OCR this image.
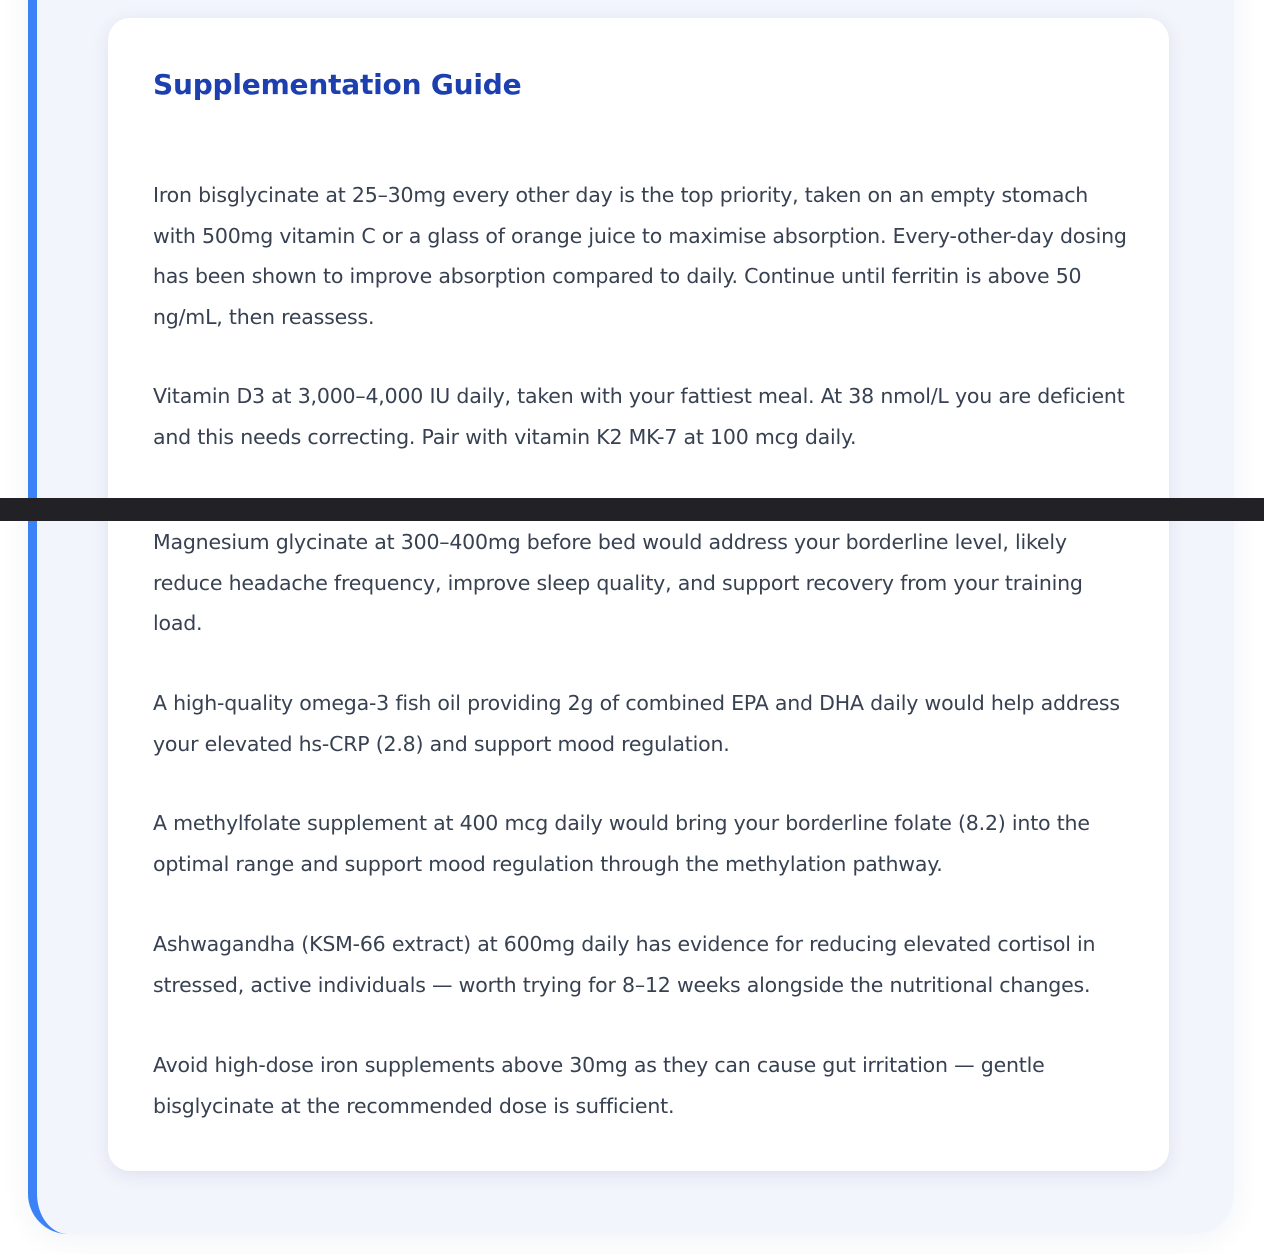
Supplementation Guide

Iron bisglycinate at 25–30mg every other day is the top priority, taken on an empty stomach with 500mg vitamin C or a glass of orange juice to maximise absorption. Every-other-day dosing has been shown to improve absorption compared to daily. Continue until ferritin is above 50 ng/mL, then reassess.

Vitamin D3 at 3,000–4,000 IU daily, taken with your fattiest meal. At 38 nmol/L you are deficient and this needs correcting. Pair with vitamin K2 MK-7 at 100 mcg daily.

Magnesium glycinate at 300–400mg before bed would address your borderline level, likely reduce headache frequency, improve sleep quality, and support recovery from your training load.

A high-quality omega-3 fish oil providing 2g of combined EPA and DHA daily would help address your elevated hs-CRP (2.8) and support mood regulation.

A methylfolate supplement at 400 mcg daily would bring your borderline folate (8.2) into the optimal range and support mood regulation through the methylation pathway.

Ashwagandha (KSM-66 extract) at 600mg daily has evidence for reducing elevated cortisol in stressed, active individuals — worth trying for 8–12 weeks alongside the nutritional changes.

Avoid high-dose iron supplements above 30mg as they can cause gut irritation — gentle bisglycinate at the recommended dose is sufficient.
